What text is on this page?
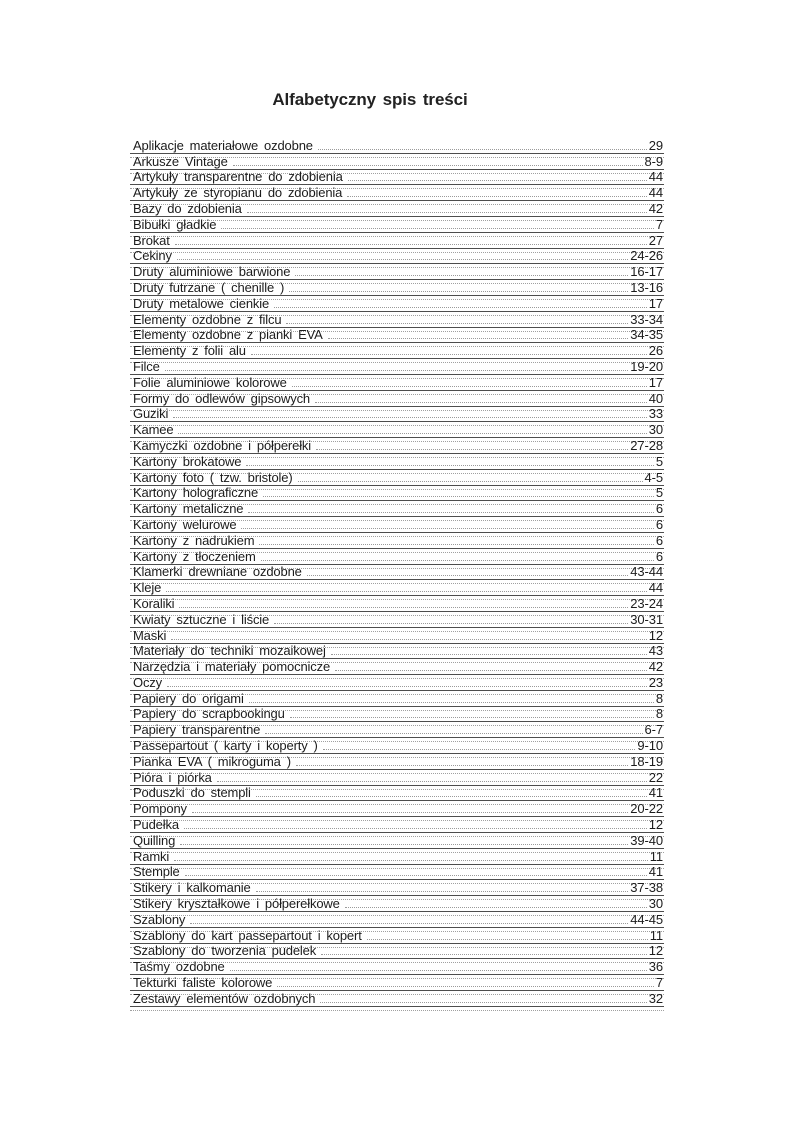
Alfabetyczny spis treści
Aplikacje materiałowe ozdobne	29
Arkusze Vintage	8-9
Artykuły transparentne do zdobienia	44
Artykuły ze styropianu do zdobienia	44
Bazy do zdobienia	42
Bibułki gładkie	7
Brokat	27
Cekiny	24-26
Druty aluminiowe barwione	16-17
Druty futrzane ( chenille )	13-16
Druty metalowe cienkie	17
Elementy ozdobne z filcu	33-34
Elementy ozdobne z pianki EVA	34-35
Elementy z folii alu	26
Filce	19-20
Folie aluminiowe kolorowe	17
Formy do odlewów gipsowych	40
Guziki	33
Kamee	30
Kamyczki ozdobne i półperełki	27-28
Kartony brokatowe	5
Kartony foto ( tzw. bristole)	4-5
Kartony holograficzne	5
Kartony metaliczne	6
Kartony welurowe	6
Kartony z nadrukiem	6
Kartony z tłoczeniem	6
Klamerki drewniane ozdobne	43-44
Kleje	44
Koraliki	23-24
Kwiaty sztuczne i liście	30-31
Maski	12
Materiały do techniki mozaikowej	43
Narzędzia i materiały pomocnicze	42
Oczy	23
Papiery do origami	8
Papiery do scrapbookingu	8
Papiery transparentne	6-7
Passepartout ( karty i koperty )	9-10
Pianka EVA ( mikroguma )	18-19
Pióra i piórka	22
Poduszki do stempli	41
Pompony	20-22
Pudełka	12
Quilling	39-40
Ramki	11
Stemple	41
Stikery i kalkomanie	37-38
Stikery kryształkowe i półperełkowe	30
Szablony	44-45
Szablony do kart passepartout i kopert	11
Szablony do tworzenia pudelek	12
Taśmy ozdobne	36
Tekturki faliste kolorowe	7
Zestawy elementów ozdobnych	32
